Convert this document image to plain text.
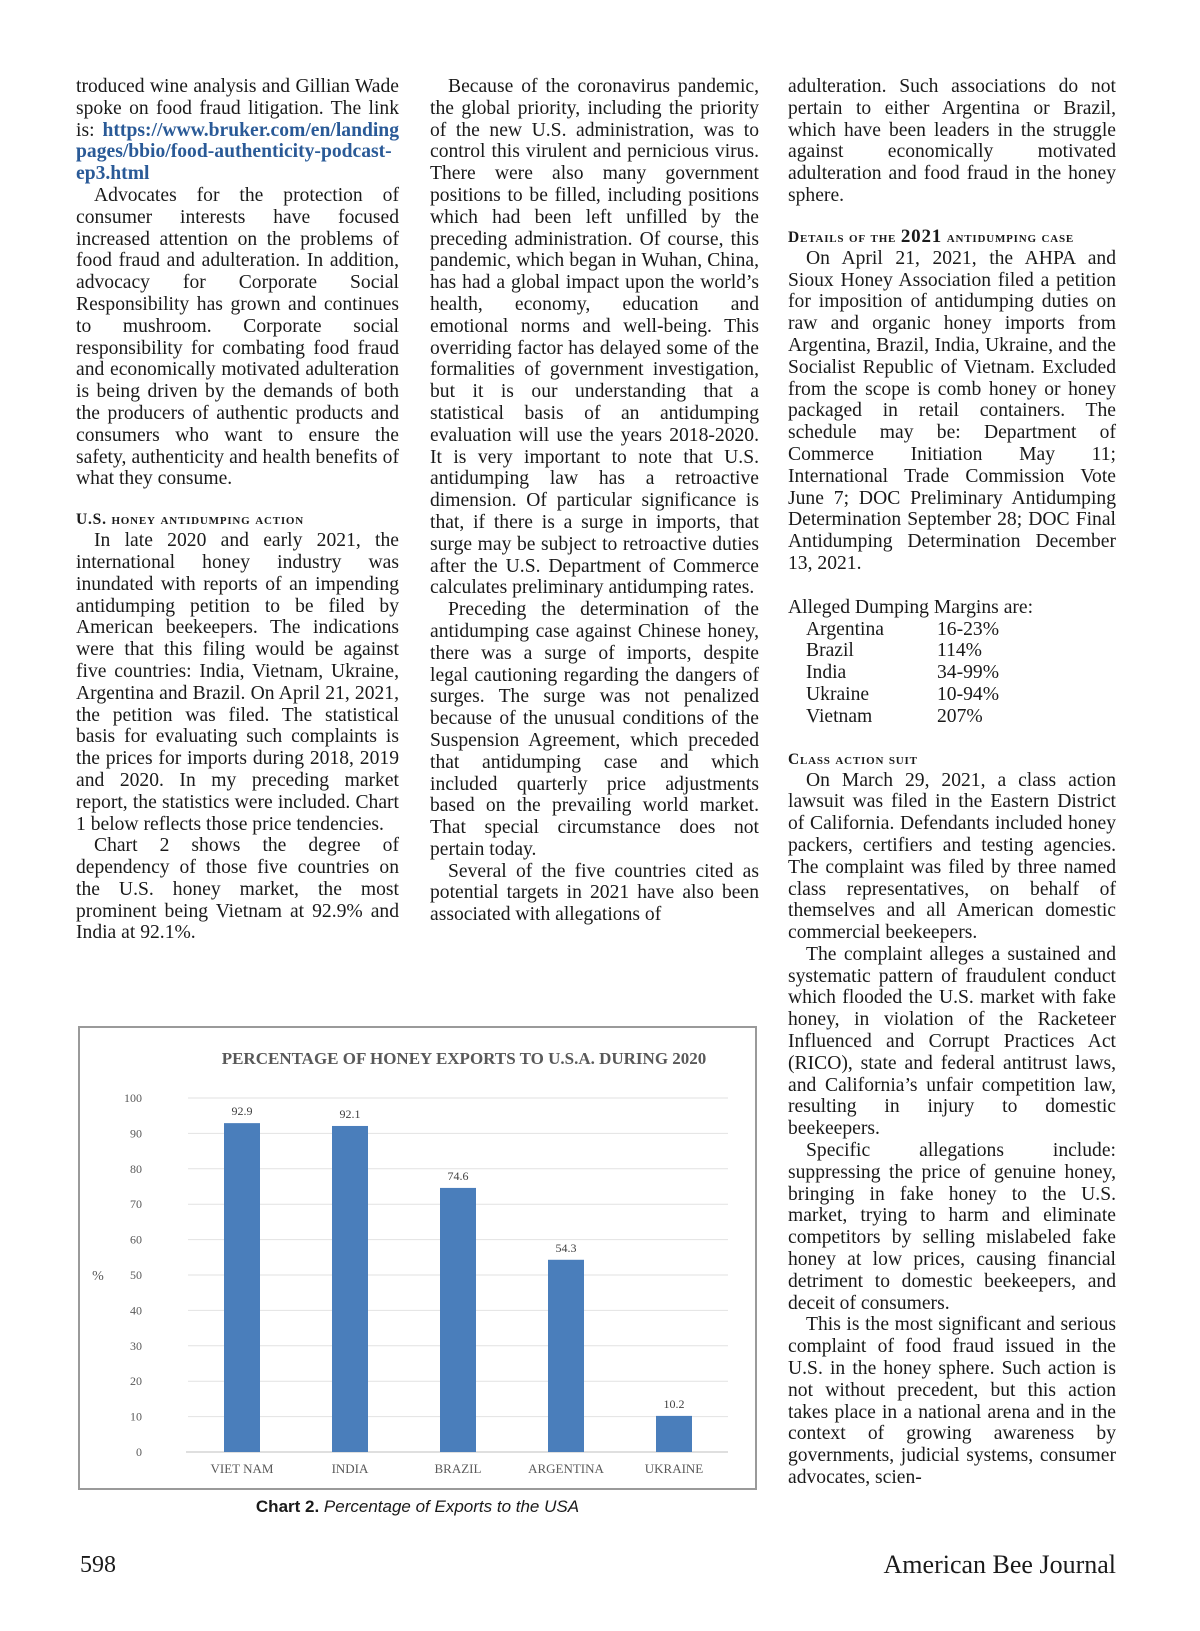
troduced wine analysis and Gillian Wade spoke on food fraud litigation. The link is: https://www.bruker.com/en/landingpages/bbio/food-authenticity-podcast-ep3.html

Advocates for the protection of consumer interests have focused increased attention on the problems of food fraud and adulteration. In addition, advocacy for Corporate Social Responsibility has grown and continues to mushroom. Corporate social responsibility for combating food fraud and economically motivated adulteration is being driven by the demands of both the producers of authentic products and consumers who want to ensure the safety, authenticity and health benefits of what they consume.

U.S. honey antidumping action

In late 2020 and early 2021, the international honey industry was inundated with reports of an impending antidumping petition to be filed by American beekeepers. The indications were that this filing would be against five countries: India, Vietnam, Ukraine, Argentina and Brazil. On April 21, 2021, the petition was filed. The statistical basis for evaluating such complaints is the prices for imports during 2018, 2019 and 2020. In my preceding market report, the statistics were included. Chart 1 below reflects those price tendencies.

Chart 2 shows the degree of dependency of those five countries on the U.S. honey market, the most prominent being Vietnam at 92.9% and India at 92.1%.

Because of the coronavirus pandemic, the global priority, including the priority of the new U.S. administration, was to control this virulent and pernicious virus. There were also many government positions to be filled, including positions which had been left unfilled by the preceding administration. Of course, this pandemic, which began in Wuhan, China, has had a global impact upon the world’s health, economy, education and emotional norms and well-being. This overriding factor has delayed some of the formalities of government investigation, but it is our understanding that a statistical basis of an antidumping evaluation will use the years 2018-2020. It is very important to note that U.S. antidumping law has a retroactive dimension. Of particular significance is that, if there is a surge in imports, that surge may be subject to retroactive duties after the U.S. Department of Commerce calculates preliminary antidumping rates.

Preceding the determination of the antidumping case against Chinese honey, there was a surge of imports, despite legal cautioning regarding the dangers of surges. The surge was not penalized because of the unusual conditions of the Suspension Agreement, which preceded that antidumping case and which included quarterly price adjustments based on the prevailing world market. That special circumstance does not pertain today.

Several of the five countries cited as potential targets in 2021 have also been associated with allegations of

adulteration. Such associations do not pertain to either Argentina or Brazil, which have been leaders in the struggle against economically motivated adulteration and food fraud in the honey sphere.

Details of the 2021 antidumping case

On April 21, 2021, the AHPA and Sioux Honey Association filed a petition for imposition of antidumping duties on raw and organic honey imports from Argentina, Brazil, India, Ukraine, and the Socialist Republic of Vietnam. Excluded from the scope is comb honey or honey packaged in retail containers. The schedule may be: Department of Commerce Initiation May 11; International Trade Commission Vote June 7; DOC Preliminary Antidumping Determination September 28; DOC Final Antidumping Determination December 13, 2021.

Alleged Dumping Margins are:
Argentina	16-23%
Brazil	114%
India	34-99%
Ukraine	10-94%
Vietnam	207%
Class action suit

On March 29, 2021, a class action lawsuit was filed in the Eastern District of California. Defendants included honey packers, certifiers and testing agencies. The complaint was filed by three named class representatives, on behalf of themselves and all American domestic commercial beekeepers.

The complaint alleges a sustained and systematic pattern of fraudulent conduct which flooded the U.S. market with fake honey, in violation of the Racketeer Influenced and Corrupt Practices Act (RICO), state and federal antitrust laws, and California’s unfair competition law, resulting in injury to domestic beekeepers.

Specific allegations include: suppressing the price of genuine honey, bringing in fake honey to the U.S. market, trying to harm and eliminate competitors by selling mislabeled fake honey at low prices, causing financial detriment to domestic beekeepers, and deceit of consumers.

This is the most significant and serious complaint of food fraud issued in the U.S. in the honey sphere. Such action is not without precedent, but this action takes place in a national arena and in the context of growing awareness by governments, judicial systems, consumer advocates, scien-

PERCENTAGE OF HONEY EXPORTS TO U.S.A. DURING 2020
0
10
20
30
40
50
60
70
80
90
100
%
92.9
VIET NAM
92.1
INDIA
74.6
BRAZIL
54.3
ARGENTINA
10.2
UKRAINE
Chart 2. Percentage of Exports to the USA
598	American Bee Journal
